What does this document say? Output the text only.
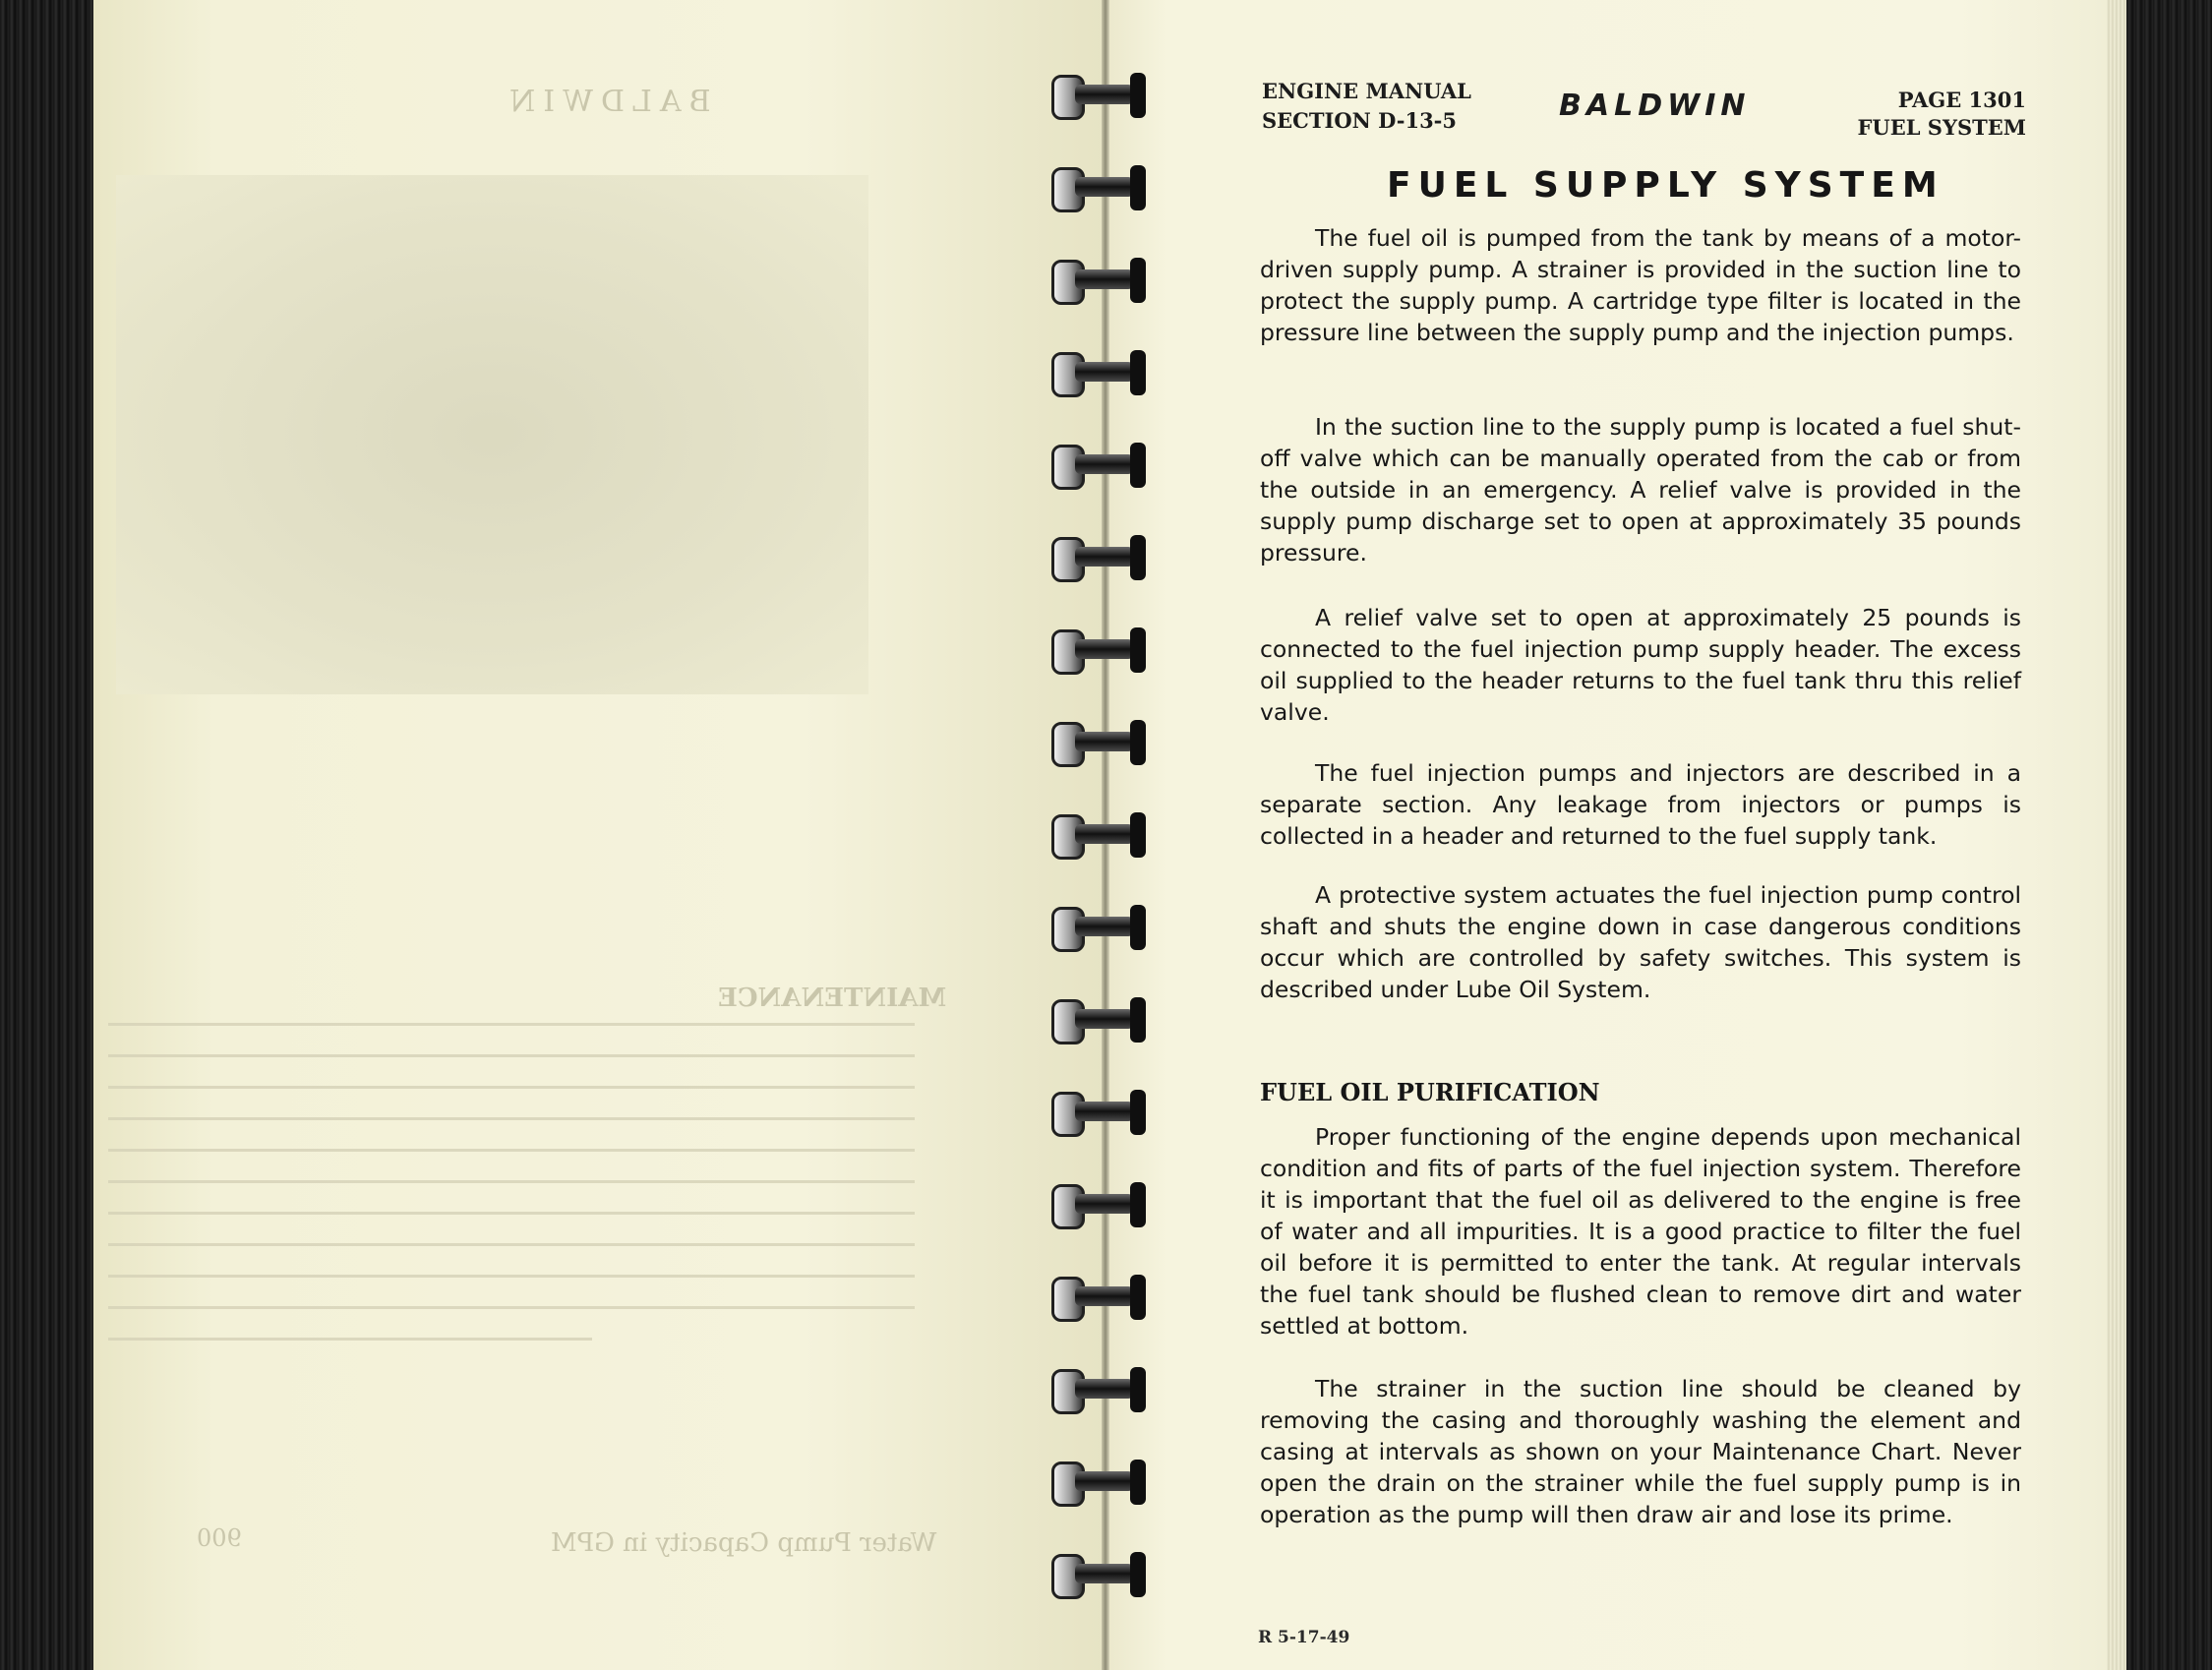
BALDWIN
MAINTENANCE
Water Pump Capacity in GPM
900
ENGINE MANUAL
SECTION D-13-5	BALDWIN	PAGE 1301
FUEL SYSTEM
FUEL SUPPLY SYSTEM

The fuel oil is pumped from the tank by means of a motor-driven supply pump. A strainer is provided in the suction line to protect the supply pump. A cartridge type filter is located in the pressure line between the supply pump and the injection pumps.

In the suction line to the supply pump is located a fuel shut-off valve which can be manually operated from the cab or from the outside in an emergency. A relief valve is provided in the supply pump discharge set to open at approximately 35 pounds pressure.

A relief valve set to open at approximately 25 pounds is connected to the fuel injection pump supply header. The excess oil supplied to the header returns to the fuel tank thru this relief valve.

The fuel injection pumps and injectors are described in a separate section. Any leakage from injectors or pumps is collected in a header and returned to the fuel supply tank.

A protective system actuates the fuel injection pump control shaft and shuts the engine down in case dangerous conditions occur which are controlled by safety switches. This system is described under Lube Oil System.

FUEL OIL PURIFICATION

Proper functioning of the engine depends upon mechanical condition and fits of parts of the fuel injection system. Therefore it is important that the fuel oil as delivered to the engine is free of water and all impurities. It is a good practice to filter the fuel oil before it is permitted to enter the tank. At regular intervals the fuel tank should be flushed clean to remove dirt and water settled at bottom.

The strainer in the suction line should be cleaned by removing the casing and thoroughly washing the element and casing at intervals as shown on your Maintenance Chart. Never open the drain on the strainer while the fuel supply pump is in operation as the pump will then draw air and lose its prime.

R 5-17-49
